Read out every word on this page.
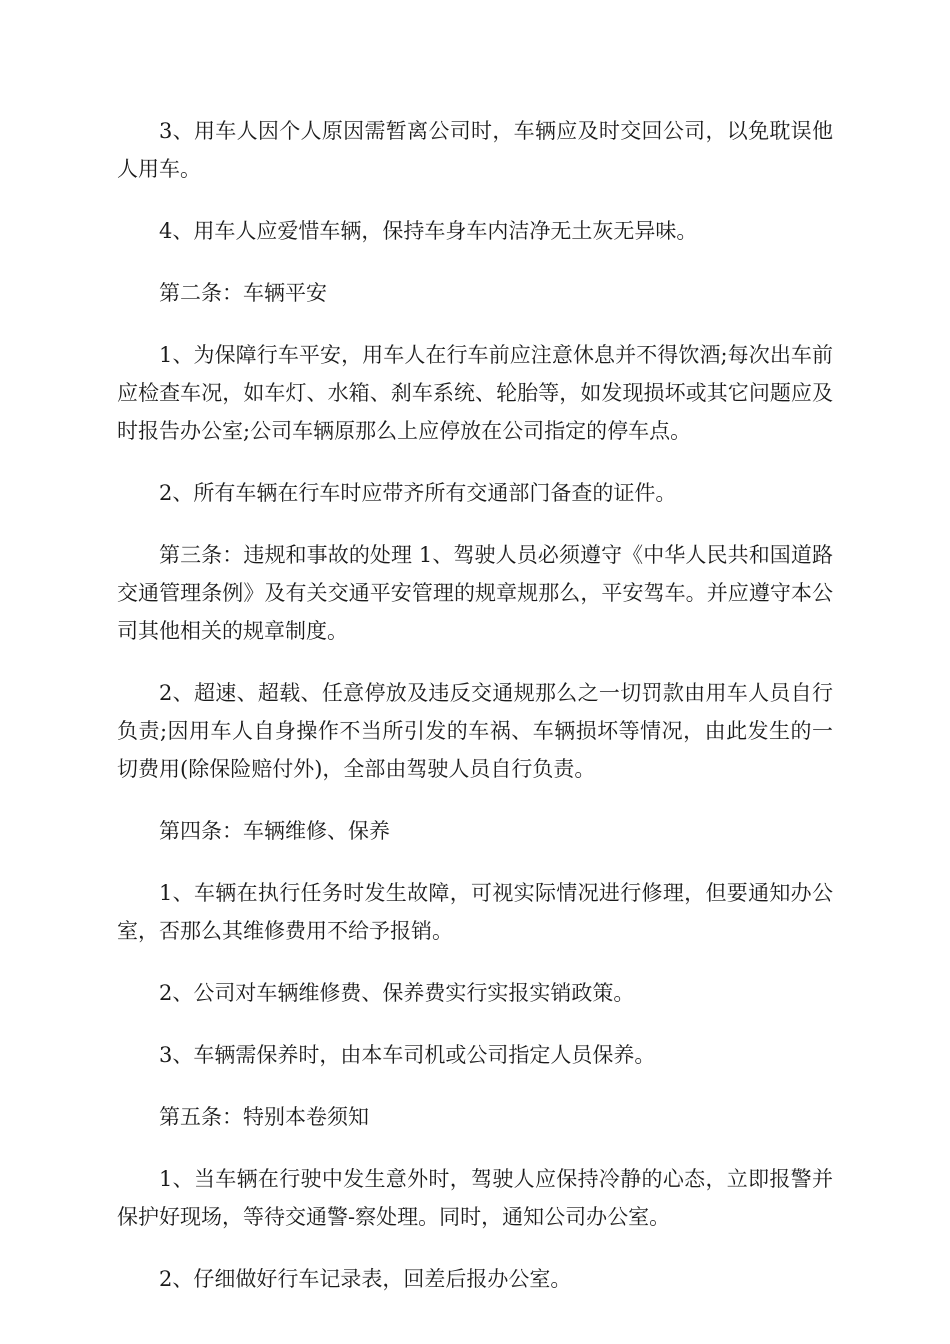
3、用车人因个人原因需暂离公司时，车辆应及时交回公司，以免耽误他人用车。

4、用车人应爱惜车辆，保持车身车内洁净无土灰无异味。

第二条：车辆平安

1、为保障行车平安，用车人在行车前应注意休息并不得饮酒;每次出车前应检查车况，如车灯、水箱、刹车系统、轮胎等，如发现损坏或其它问题应及时报告办公室;公司车辆原那么上应停放在公司指定的停车点。

2、所有车辆在行车时应带齐所有交通部门备查的证件。

第三条：违规和事故的处理 1、驾驶人员必须遵守《中华人民共和国道路交通管理条例》及有关交通平安管理的规章规那么，平安驾车。并应遵守本公司其他相关的规章制度。

2、超速、超载、任意停放及违反交通规那么之一切罚款由用车人员自行负责;因用车人自身操作不当所引发的车祸、车辆损坏等情况，由此发生的一切费用(除保险赔付外)，全部由驾驶人员自行负责。

第四条：车辆维修、保养

1、车辆在执行任务时发生故障，可视实际情况进行修理，但要通知办公室，否那么其维修费用不给予报销。

2、公司对车辆维修费、保养费实行实报实销政策。

3、车辆需保养时，由本车司机或公司指定人员保养。

第五条：特别本卷须知

1、当车辆在行驶中发生意外时，驾驶人应保持冷静的心态，立即报警并保护好现场，等待交通警-察处理。同时，通知公司办公室。

2、仔细做好行车记录表，回差后报办公室。
